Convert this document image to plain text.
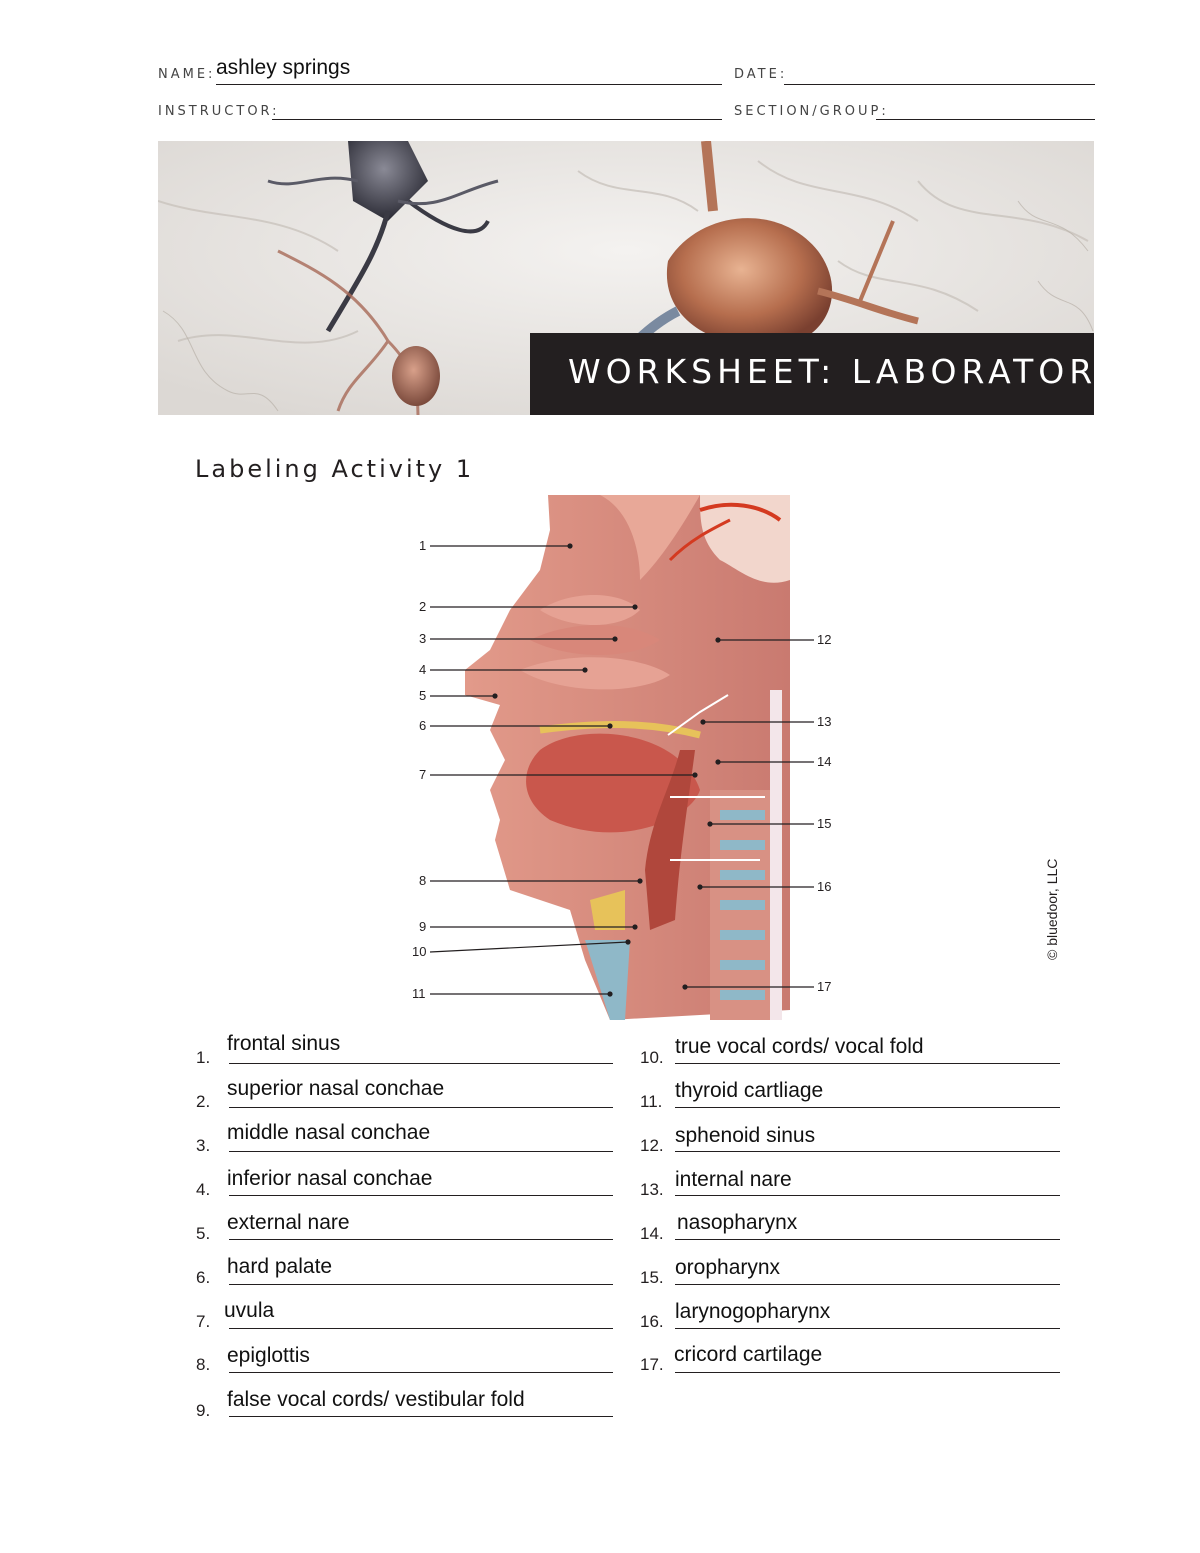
NAME: ashley springs	DATE:
INSTRUCTOR:	SECTION/GROUP:
WORKSHEET: LABORATORY 16
Labeling Activity 1
1
2
3
4
5
6
7
8
9
10
11
12
13
14
15
16
17
© bluedoor, LLC
1.
frontal sinus
2.
superior nasal conchae
3.
middle nasal conchae
4. inferior nasal conchae
5. external nare
6. hard palate
7. uvula
8. epiglottis
9. false vocal cords/ vestibular fold
10. true vocal cords/ vocal fold
11. thyroid cartliage
12. sphenoid sinus
13. internal nare
14. nasopharynx
15. oropharynx
16. larynogopharynx
17. cricord cartilage
